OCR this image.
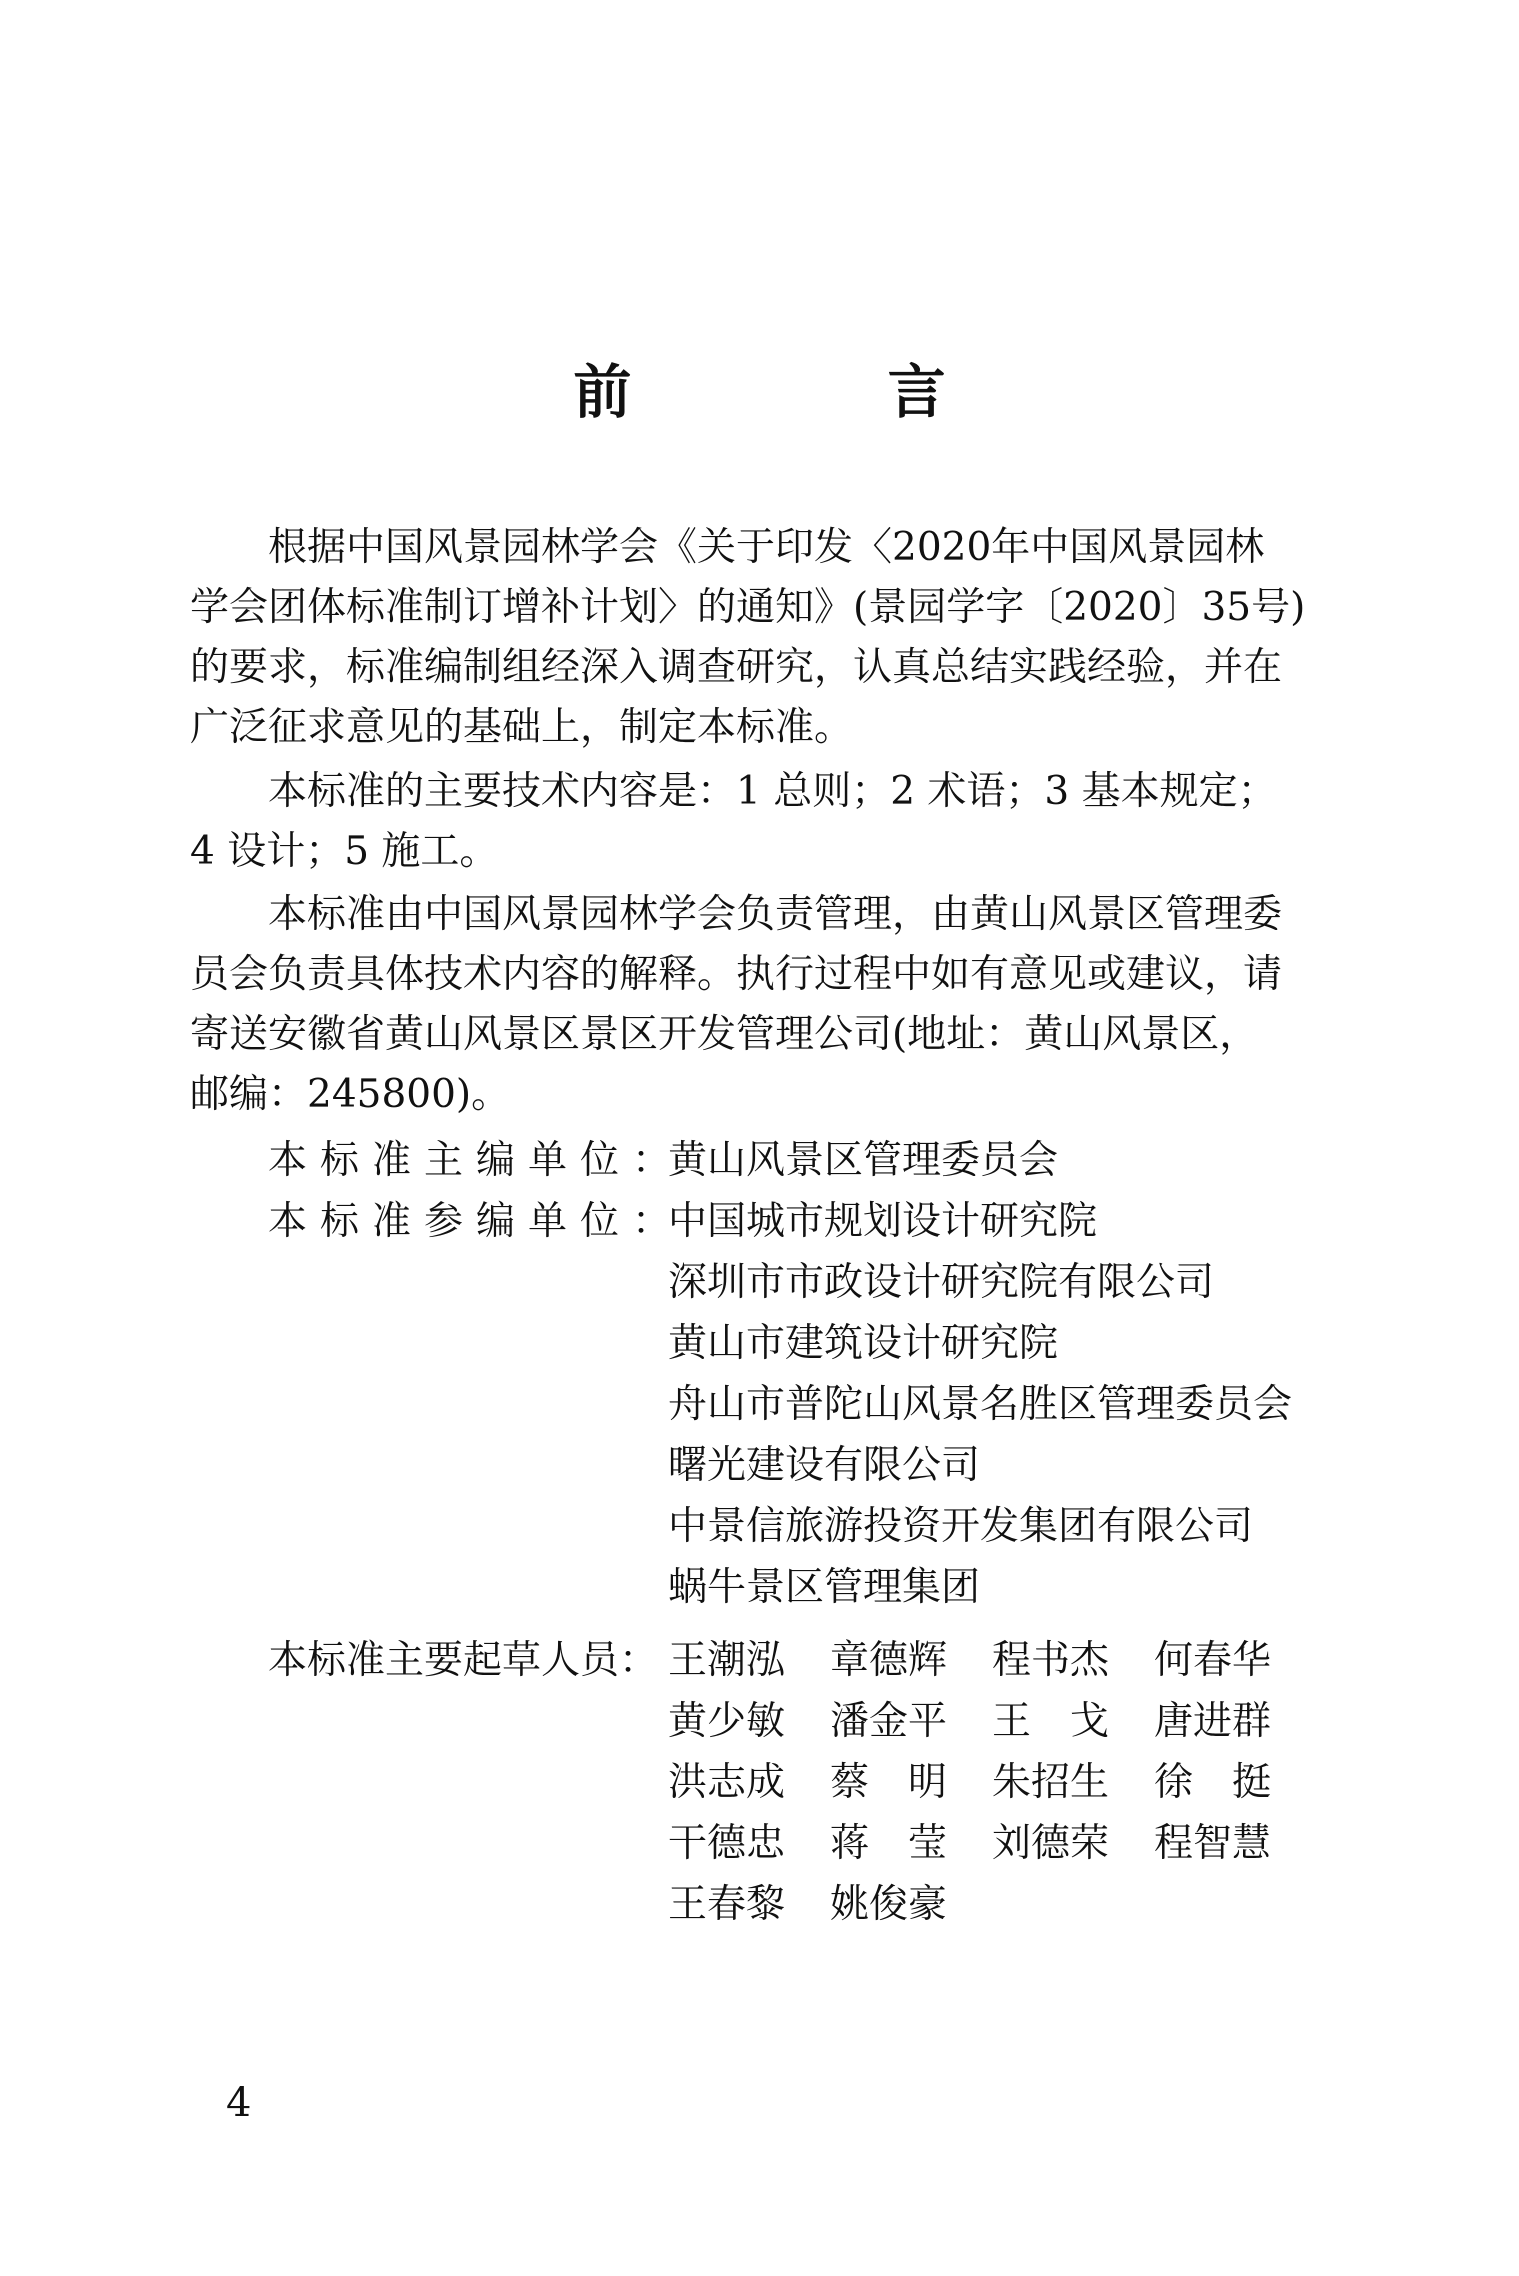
前 言

根据中国风景园林学会《关于印发〈2020年中国风景园林

学会团体标准制订增补计划〉的通知》(景园学字〔2020〕35号)

的要求，标准编制组经深入调查研究，认真总结实践经验，并在

广泛征求意见的基础上，制定本标准。

本标准的主要技术内容是：1 总则；2 术语；3 基本规定；

4 设计；5 施工。

本标准由中国风景园林学会负责管理，由黄山风景区管理委

员会负责具体技术内容的解释。执行过程中如有意见或建议，请

寄送安徽省黄山风景区景区开发管理公司(地址：黄山风景区，

邮编：245800)。

本标准主编单位：
黄山风景区管理委员会
本标准参编单位：
中国城市规划设计研究院
深圳市市政设计研究院有限公司
黄山市建筑设计研究院
舟山市普陀山风景名胜区管理委员会
曙光建设有限公司
中景信旅游投资开发集团有限公司
蜗牛景区管理集团
本标准主要起草人员： 王潮泓	章德辉	程书杰	何春华
黄少敏	潘金平	王　戈	唐进群
洪志成	蔡　明	朱招生	徐　挺
干德忠	蒋　莹	刘德荣	程智慧
王春黎	姚俊豪
4
